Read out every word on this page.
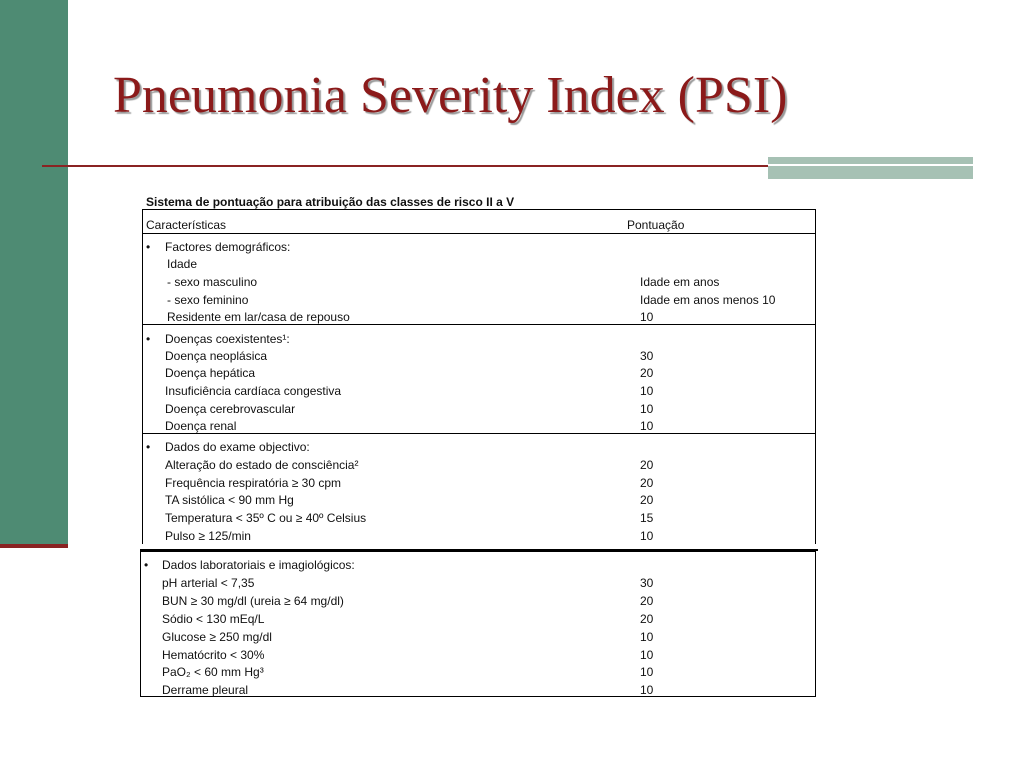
Pneumonia Severity Index (PSI)
Sistema de pontuação para atribuição das classes de risco II a V
Características	Pontuação
• Factores demográficos:
Idade
- sexo masculino	Idade em anos
- sexo feminino	Idade em anos menos 10
Residente em lar/casa de repouso	10
• Doenças coexistentes¹:
Doença neoplásica	30
Doença hepática	20
Insuficiência cardíaca congestiva	10
Doença cerebrovascular	10
Doença renal	10
• Dados do exame objectivo:
Alteração do estado de consciência²	20
Frequência respiratória ≥ 30 cpm	20
TA sistólica < 90 mm Hg	20
Temperatura < 35º C ou ≥ 40º Celsius	15
Pulso ≥ 125/min	10
• Dados laboratoriais e imagiológicos:
pH arterial < 7,35	30
BUN ≥ 30 mg/dl (ureia ≥ 64 mg/dl)	20
Sódio < 130 mEq/L	20
Glucose ≥ 250 mg/dl	10
Hematócrito < 30%	10
PaO₂ < 60 mm Hg³	10
Derrame pleural	10
